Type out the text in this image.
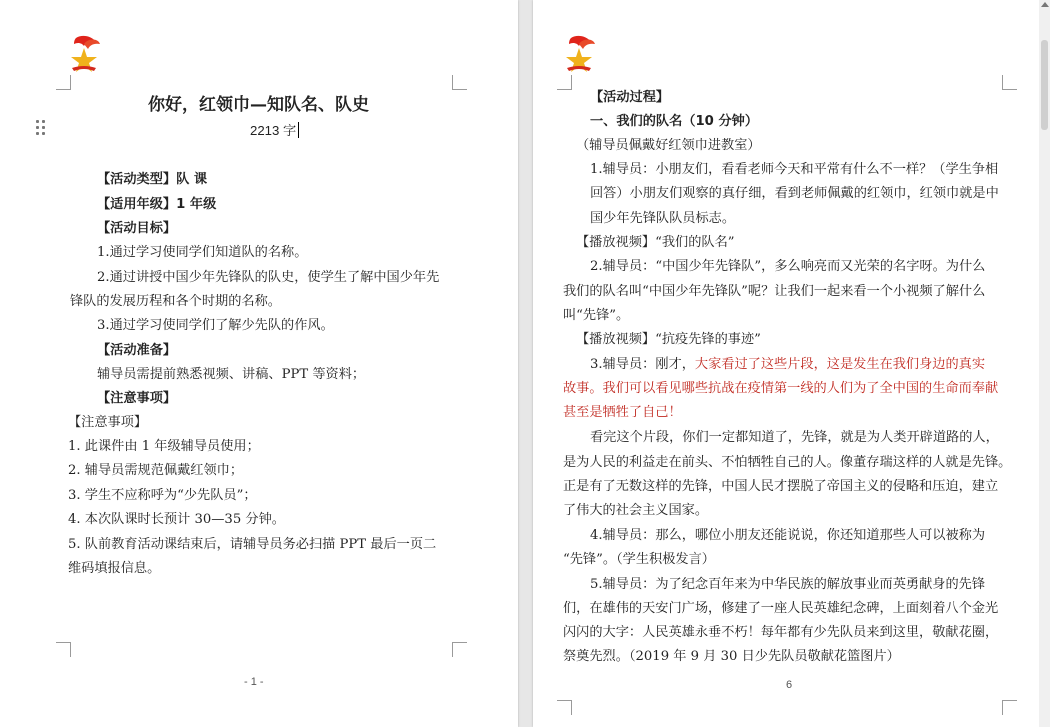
你好，红领巾—知队名、队史
2213 字
【活动类型】队 课
【适用年级】1 年级
【活动目标】
1.通过学习使同学们知道队的名称。
2.通过讲授中国少年先锋队的队史，使学生了解中国少年先
锋队的发展历程和各个时期的名称。
3.通过学习使同学们了解少先队的作风。
【活动准备】
辅导员需提前熟悉视频、讲稿、PPT 等资料；
【注意事项】
【注意事项】
1. 此课件由 1 年级辅导员使用；
2. 辅导员需规范佩戴红领巾；
3. 学生不应称呼为“少先队员”；
4. 本次队课时长预计 30—35 分钟。
5. 队前教育活动课结束后，请辅导员务必扫描 PPT 最后一页二
维码填报信息。
- 1 -
【活动过程】
一、我们的队名（10 分钟）
（辅导员佩戴好红领巾进教室）
1.辅导员：小朋友们，看看老师今天和平常有什么不一样？（学生争相
回答）小朋友们观察的真仔细，看到老师佩戴的红领巾，红领巾就是中
国少年先锋队队员标志。
【播放视频】“我们的队名”
2.辅导员：“中国少年先锋队”，多么响亮而又光荣的名字呀。为什么
我们的队名叫“中国少年先锋队”呢？让我们一起来看一个小视频了解什么
叫“先锋”。
【播放视频】“抗疫先锋的事迹”
3.辅导员：刚才，大家看过了这些片段，这是发生在我们身边的真实
故事。我们可以看见哪些抗战在疫情第一线的人们为了全中国的生命而奉献
甚至是牺牲了自己！
看完这个片段，你们一定都知道了，先锋，就是为人类开辟道路的人，
是为人民的利益走在前头、不怕牺牲自己的人。像董存瑞这样的人就是先锋。
正是有了无数这样的先锋，中国人民才摆脱了帝国主义的侵略和压迫，建立
了伟大的社会主义国家。
4.辅导员：那么，哪位小朋友还能说说，你还知道那些人可以被称为
“先锋”。（学生积极发言）
5.辅导员：为了纪念百年来为中华民族的解放事业而英勇献身的先锋
们，在雄伟的天安门广场，修建了一座人民英雄纪念碑，上面刻着八个金光
闪闪的大字：人民英雄永垂不朽！每年都有少先队员来到这里，敬献花圈，
祭奠先烈。（2019 年 9 月 30 日少先队员敬献花篮图片）
6
